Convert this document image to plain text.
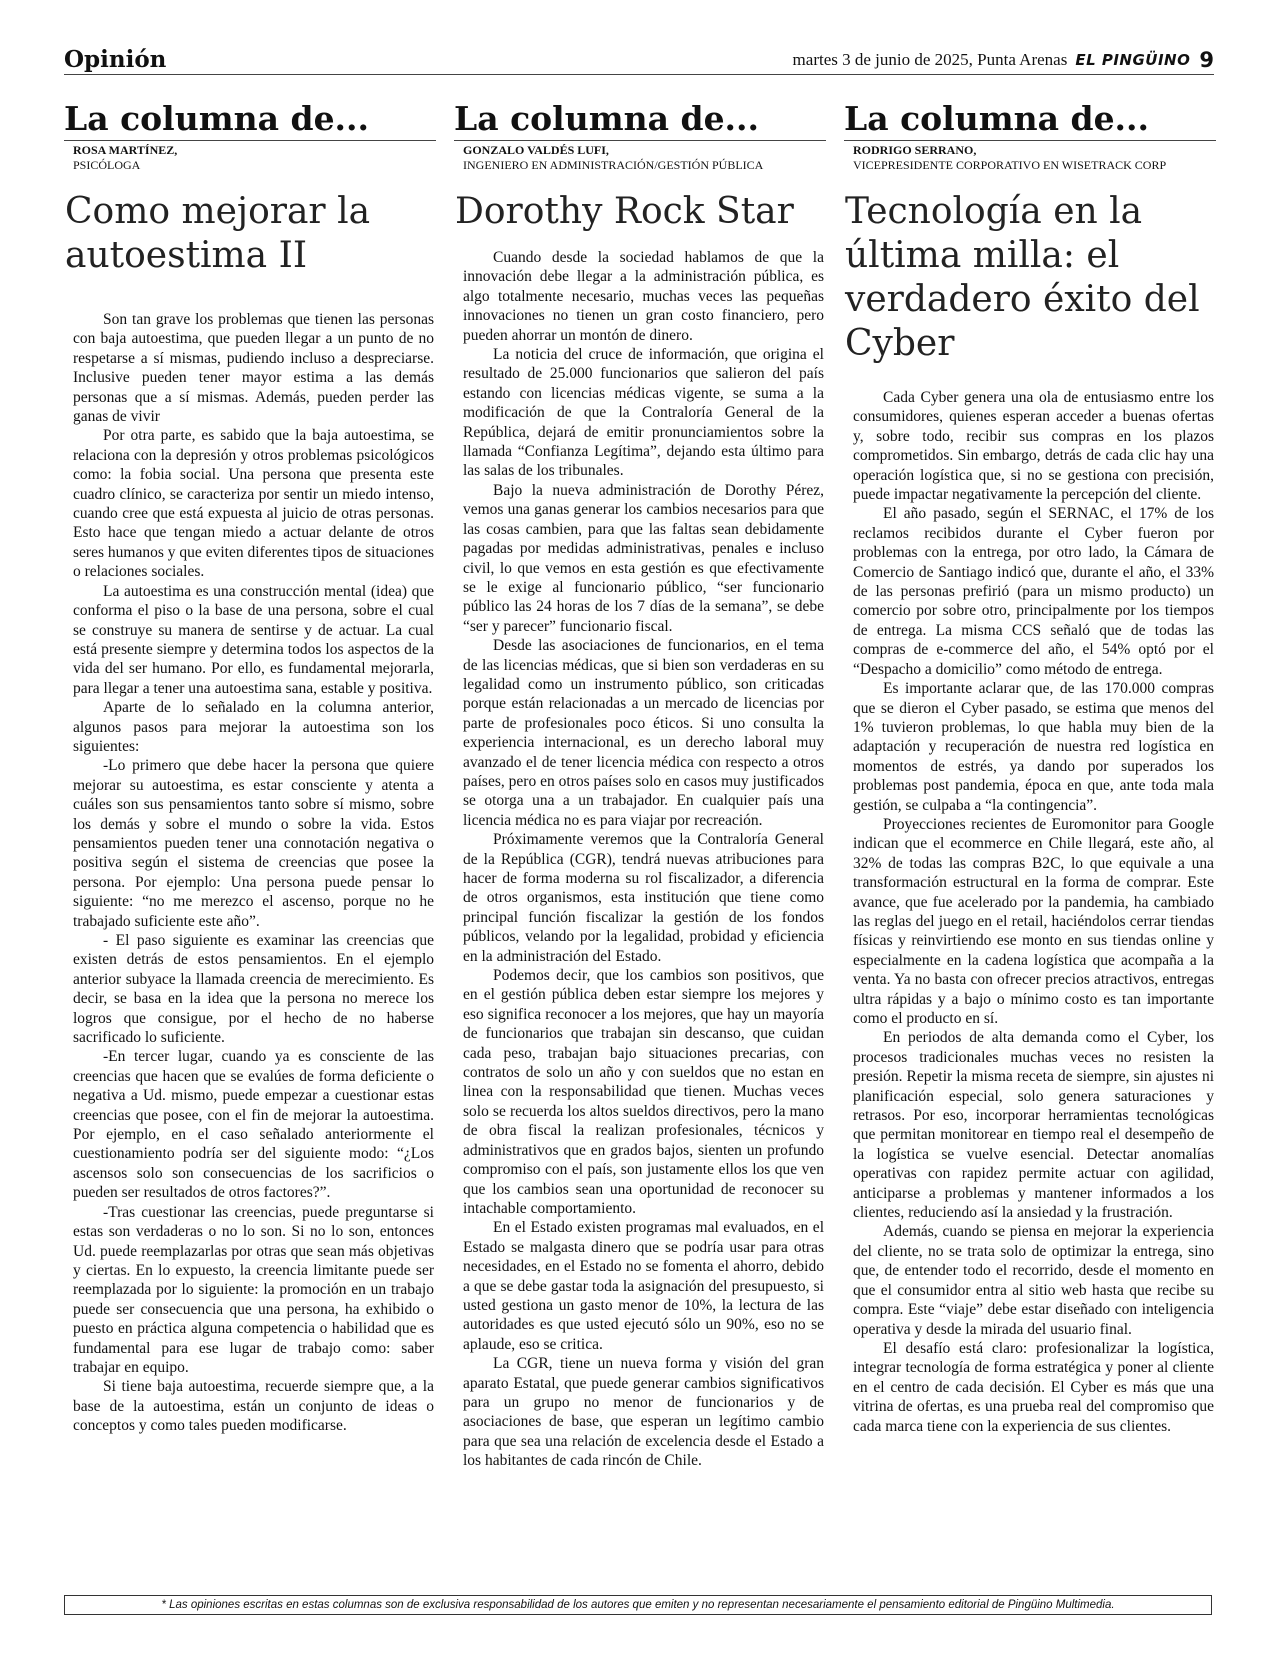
Opinión	martes 3 de junio de 2025, Punta Arenas EL PINGÜINO 9
La columna de...
ROSA MARTÍNEZ,
PSICÓLOGA
Como mejorar la autoestima II

Son tan grave los problemas que tienen las personas con baja autoestima, que pueden llegar a un punto de no respetarse a sí mismas, pudiendo incluso a despreciarse. Inclusive pueden tener mayor estima a las demás personas que a sí mismas. Además, pueden perder las ganas de vivir

Por otra parte, es sabido que la baja autoestima, se relaciona con la depresión y otros problemas psicológicos como: la fobia social. Una persona que presenta este cuadro clínico, se caracteriza por sentir un miedo intenso, cuando cree que está expuesta al juicio de otras personas. Esto hace que tengan miedo a actuar delante de otros seres humanos y que eviten diferentes tipos de situaciones o relaciones sociales.

La autoestima es una construcción mental (idea) que conforma el piso o la base de una persona, sobre el cual se construye su manera de sentirse y de actuar. La cual está presente siempre y determina todos los aspectos de la vida del ser humano. Por ello, es fundamental mejorarla, para llegar a tener una autoestima sana, estable y positiva.

Aparte de lo señalado en la columna anterior, algunos pasos para mejorar la autoestima son los siguientes:

-Lo primero que debe hacer la persona que quiere mejorar su autoestima, es estar consciente y atenta a cuáles son sus pensamientos tanto sobre sí mismo, sobre los demás y sobre el mundo o sobre la vida. Estos pensamientos pueden tener una connotación negativa o positiva según el sistema de creencias que posee la persona. Por ejemplo: Una persona puede pensar lo siguiente: “no me merezco el ascenso, porque no he trabajado suficiente este año”.

- El paso siguiente es examinar las creencias que existen detrás de estos pensamientos. En el ejemplo anterior subyace la llamada creencia de merecimiento. Es decir, se basa en la idea que la persona no merece los logros que consigue, por el hecho de no haberse sacrificado lo suficiente.

-En tercer lugar, cuando ya es consciente de las creencias que hacen que se evalúes de forma deficiente o negativa a Ud. mismo, puede empezar a cuestionar estas creencias que posee, con el fin de mejorar la autoestima. Por ejemplo, en el caso señalado anteriormente el cuestionamiento podría ser del siguiente modo: “¿Los ascensos solo son consecuencias de los sacrificios o pueden ser resultados de otros factores?”.

-Tras cuestionar las creencias, puede preguntarse si estas son verdaderas o no lo son. Si no lo son, entonces Ud. puede reemplazarlas por otras que sean más objetivas y ciertas. En lo expuesto, la creencia limitante puede ser reemplazada por lo siguiente: la promoción en un trabajo puede ser consecuencia que una persona, ha exhibido o puesto en práctica alguna competencia o habilidad que es fundamental para ese lugar de trabajo como: saber trabajar en equipo.

Si tiene baja autoestima, recuerde siempre que, a la base de la autoestima, están un conjunto de ideas o conceptos y como tales pueden modificarse.

La columna de...
GONZALO VALDÉS LUFI,
INGENIERO EN ADMINISTRACIÓN/GESTIÓN PÚBLICA
Dorothy Rock Star

Cuando desde la sociedad hablamos de que la innovación debe llegar a la administración pública, es algo totalmente necesario, muchas veces las pequeñas innovaciones no tienen un gran costo financiero, pero pueden ahorrar un montón de dinero.

La noticia del cruce de información, que origina el resultado de 25.000 funcionarios que salieron del país estando con licencias médicas vigente, se suma a la modificación de que la Contraloría General de la República, dejará de emitir pronunciamientos sobre la llamada “Confianza Legítima”, dejando esta último para las salas de los tribunales.

Bajo la nueva administración de Dorothy Pérez, vemos una ganas generar los cambios necesarios para que las cosas cambien, para que las faltas sean debidamente pagadas por medidas administrativas, penales e incluso civil, lo que vemos en esta gestión es que efectivamente se le exige al funcionario público, “ser funcionario público las 24 horas de los 7 días de la semana”, se debe “ser y parecer” funcionario fiscal.

Desde las asociaciones de funcionarios, en el tema de las licencias médicas, que si bien son verdaderas en su legalidad como un instrumento público, son criticadas porque están relacionadas a un mercado de licencias por parte de profesionales poco éticos. Si uno consulta la experiencia internacional, es un derecho laboral muy avanzado el de tener licencia médica con respecto a otros países, pero en otros países solo en casos muy justificados se otorga una a un trabajador. En cualquier país una licencia médica no es para viajar por recreación.

Próximamente veremos que la Contraloría General de la República (CGR), tendrá nuevas atribuciones para hacer de forma moderna su rol fiscalizador, a diferencia de otros organismos, esta institución que tiene como principal función fiscalizar la gestión de los fondos públicos, velando por la legalidad, probidad y eficiencia en la administración del Estado.

Podemos decir, que los cambios son positivos, que en el gestión pública deben estar siempre los mejores y eso significa reconocer a los mejores, que hay un mayoría de funcionarios que trabajan sin descanso, que cuidan cada peso, trabajan bajo situaciones precarias, con contratos de solo un año y con sueldos que no estan en linea con la responsabilidad que tienen. Muchas veces solo se recuerda los altos sueldos directivos, pero la mano de obra fiscal la realizan profesionales, técnicos y administrativos que en grados bajos, sienten un profundo compromiso con el país, son justamente ellos los que ven que los cambios sean una oportunidad de reconocer su intachable comportamiento.

En el Estado existen programas mal evaluados, en el Estado se malgasta dinero que se podría usar para otras necesidades, en el Estado no se fomenta el ahorro, debido a que se debe gastar toda la asignación del presupuesto, si usted gestiona un gasto menor de 10%, la lectura de las autoridades es que usted ejecutó sólo un 90%, eso no se aplaude, eso se critica.

La CGR, tiene un nueva forma y visión del gran aparato Estatal, que puede generar cambios significativos para un grupo no menor de funcionarios y de asociaciones de base, que esperan un legítimo cambio para que sea una relación de excelencia desde el Estado a los habitantes de cada rincón de Chile.

La columna de...
RODRIGO SERRANO,
VICEPRESIDENTE CORPORATIVO EN WISETRACK CORP
Tecnología en la última milla: el verdadero éxito del Cyber

Cada Cyber genera una ola de entusiasmo entre los consumidores, quienes esperan acceder a buenas ofertas y, sobre todo, recibir sus compras en los plazos comprometidos. Sin embargo, detrás de cada clic hay una operación logística que, si no se gestiona con precisión, puede impactar negativamente la percepción del cliente.

El año pasado, según el SERNAC, el 17% de los reclamos recibidos durante el Cyber fueron por problemas con la entrega, por otro lado, la Cámara de Comercio de Santiago indicó que, durante el año, el 33% de las personas prefirió (para un mismo producto) un comercio por sobre otro, principalmente por los tiempos de entrega. La misma CCS señaló que de todas las compras de e-commerce del año, el 54% optó por el “Despacho a domicilio” como método de entrega.

Es importante aclarar que, de las 170.000 compras que se dieron el Cyber pasado, se estima que menos del 1% tuvieron problemas, lo que habla muy bien de la adaptación y recuperación de nuestra red logística en momentos de estrés, ya dando por superados los problemas post pandemia, época en que, ante toda mala gestión, se culpaba a “la contingencia”.

Proyecciones recientes de Euromonitor para Google indican que el ecommerce en Chile llegará, este año, al 32% de todas las compras B2C, lo que equivale a una transformación estructural en la forma de comprar. Este avance, que fue acelerado por la pandemia, ha cambiado las reglas del juego en el retail, haciéndolos cerrar tiendas físicas y reinvirtiendo ese monto en sus tiendas online y especialmente en la cadena logística que acompaña a la venta. Ya no basta con ofrecer precios atractivos, entregas ultra rápidas y a bajo o mínimo costo es tan importante como el producto en sí.

En periodos de alta demanda como el Cyber, los procesos tradicionales muchas veces no resisten la presión. Repetir la misma receta de siempre, sin ajustes ni planificación especial, solo genera saturaciones y retrasos. Por eso, incorporar herramientas tecnológicas que permitan monitorear en tiempo real el desempeño de la logística se vuelve esencial. Detectar anomalías operativas con rapidez permite actuar con agilidad, anticiparse a problemas y mantener informados a los clientes, reduciendo así la ansiedad y la frustración.

Además, cuando se piensa en mejorar la experiencia del cliente, no se trata solo de optimizar la entrega, sino que, de entender todo el recorrido, desde el momento en que el consumidor entra al sitio web hasta que recibe su compra. Este “viaje” debe estar diseñado con inteligencia operativa y desde la mirada del usuario final.

El desafío está claro: profesionalizar la logística, integrar tecnología de forma estratégica y poner al cliente en el centro de cada decisión. El Cyber es más que una vitrina de ofertas, es una prueba real del compromiso que cada marca tiene con la experiencia de sus clientes.

* Las opiniones escritas en estas columnas son de exclusiva responsabilidad de los autores que emiten y no representan necesariamente el pensamiento editorial de Pingüino Multimedia.
